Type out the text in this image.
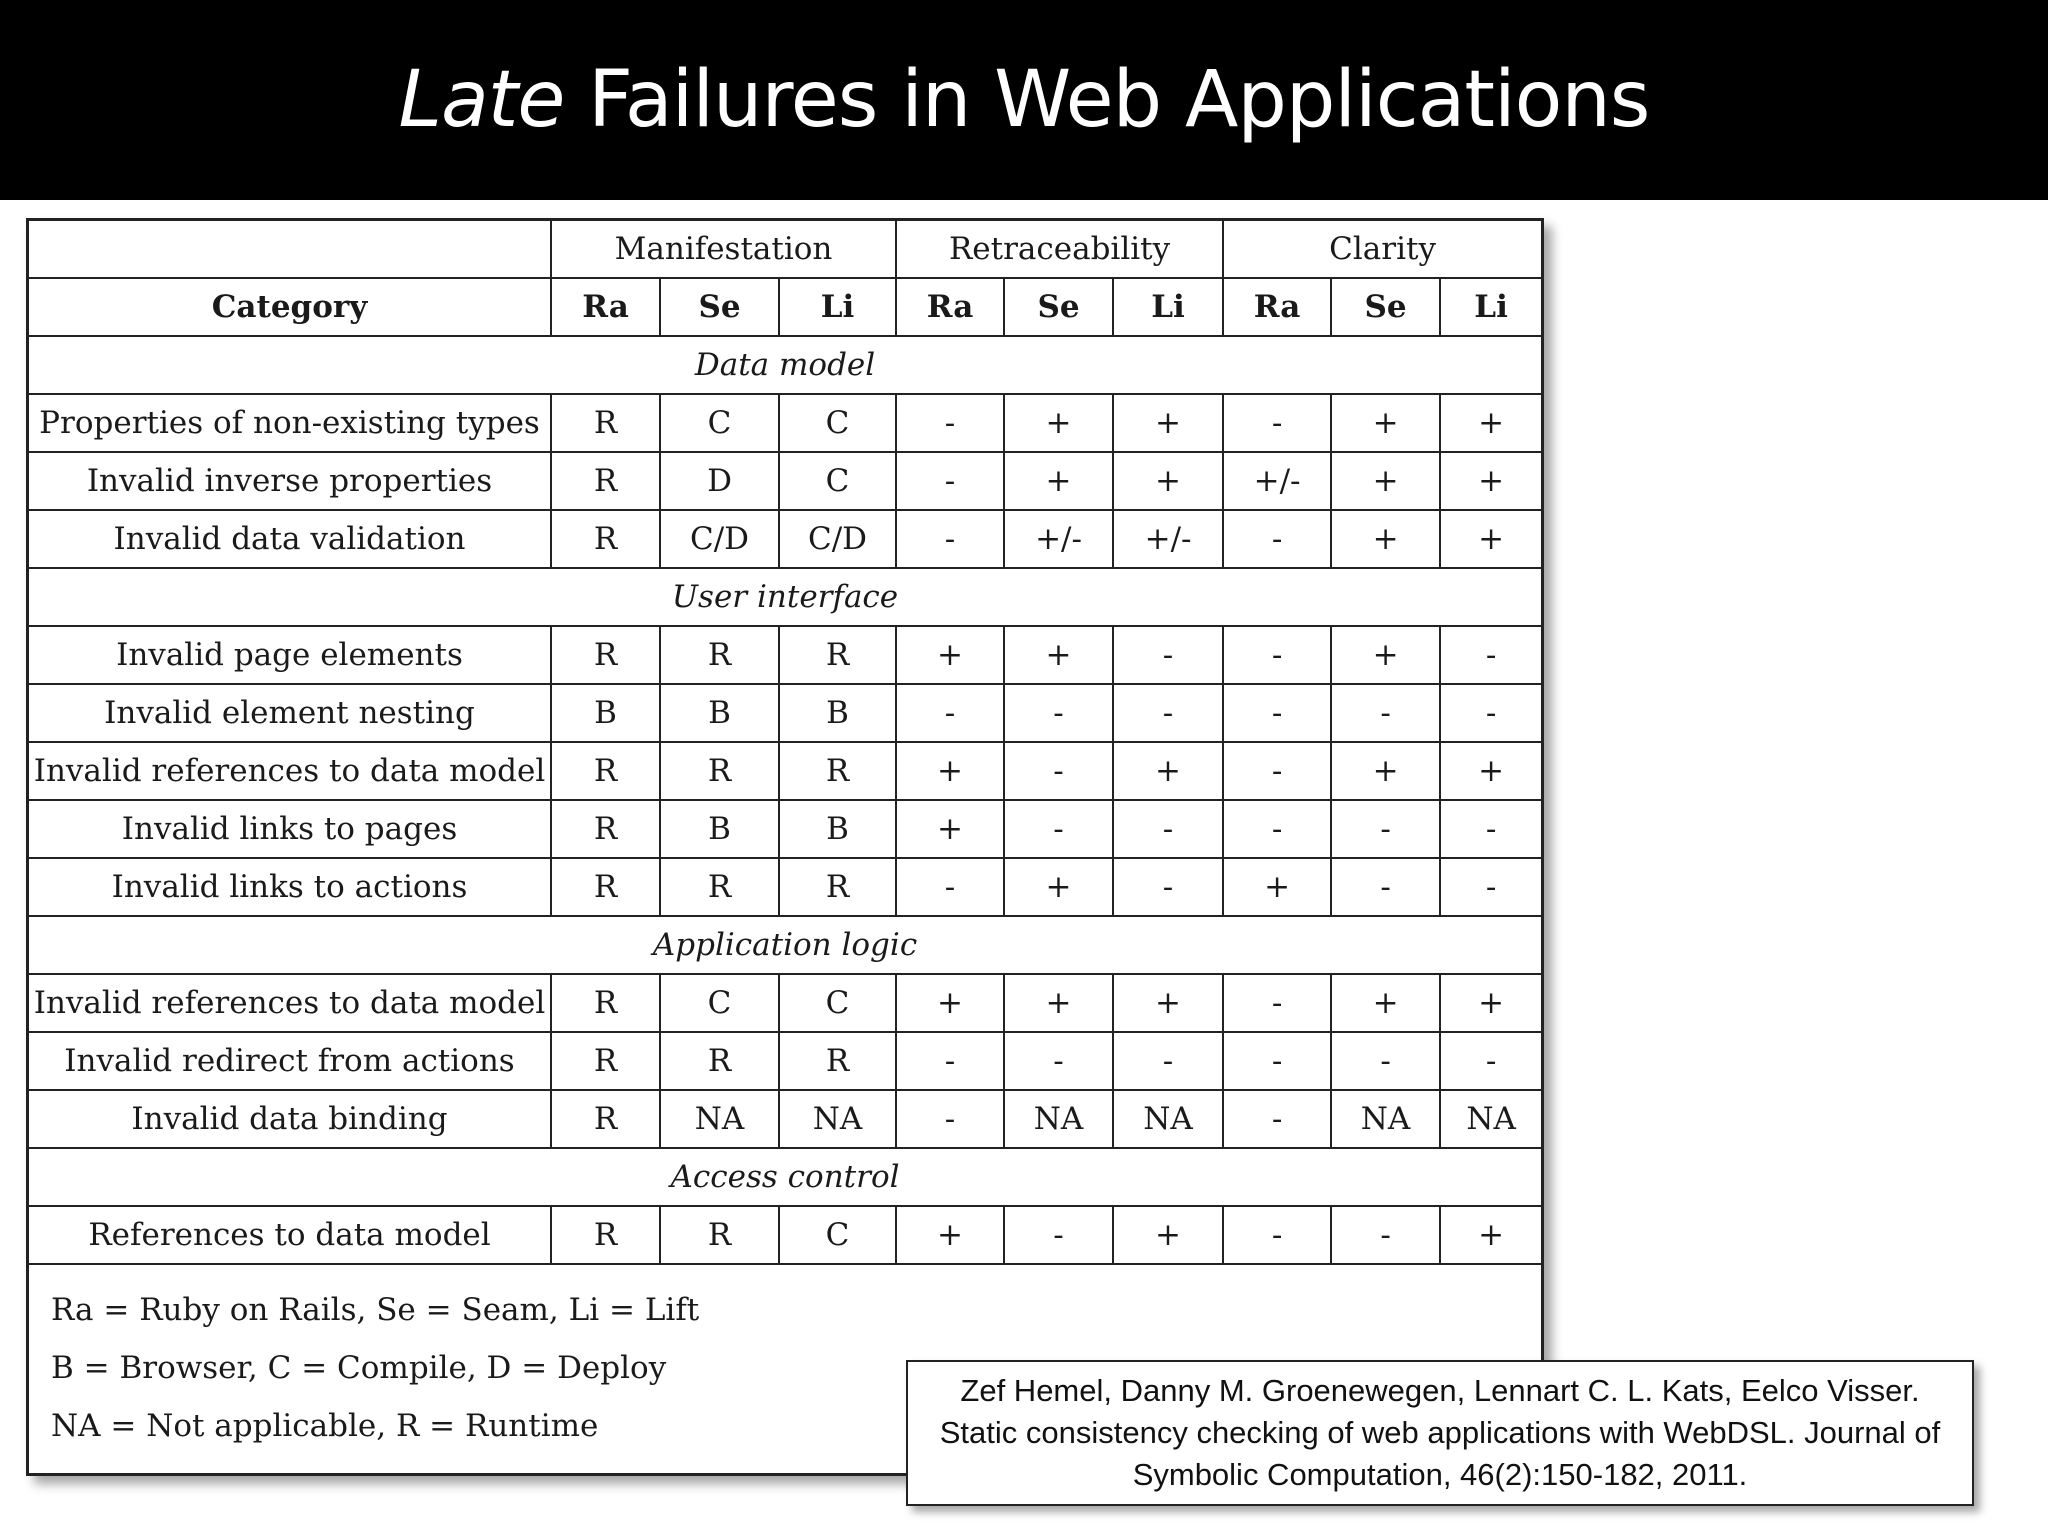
Late Failures in Web Applications
	Manifestation			Retraceability			Clarity		
Category	Ra	Se	Li	Ra	Se	Li	Ra	Se	Li
Data model									
Properties of non-existing types	R	C	C	-	+	+	-	+	+
Invalid inverse properties	R	D	C	-	+	+	+/-	+	+
Invalid data validation	R	C/D	C/D	-	+/-	+/-	-	+	+
User interface									
Invalid page elements	R	R	R	+	+	-	-	+	-
Invalid element nesting	B	B	B	-	-	-	-	-	-
Invalid references to data model	R	R	R	+	-	+	-	+	+
Invalid links to pages	R	B	B	+	-	-	-	-	-
Invalid links to actions	R	R	R	-	+	-	+	-	-
Application logic									
Invalid references to data model	R	C	C	+	+	+	-	+	+
Invalid redirect from actions	R	R	R	-	-	-	-	-	-
Invalid data binding	R	NA	NA	-	NA	NA	-	NA	NA
Access control									
References to data model	R	R	C	+	-	+	-	-	+
Ra = Ruby on Rails, Se = Seam, Li = Lift
B = Browser, C = Compile, D = Deploy
NA = Not applicable, R = Runtime
Zef Hemel, Danny M. Groenewegen, Lennart C. L. Kats, Eelco Visser.
Static consistency checking of web applications with WebDSL. Journal of
Symbolic Computation, 46(2):150-182, 2011.
